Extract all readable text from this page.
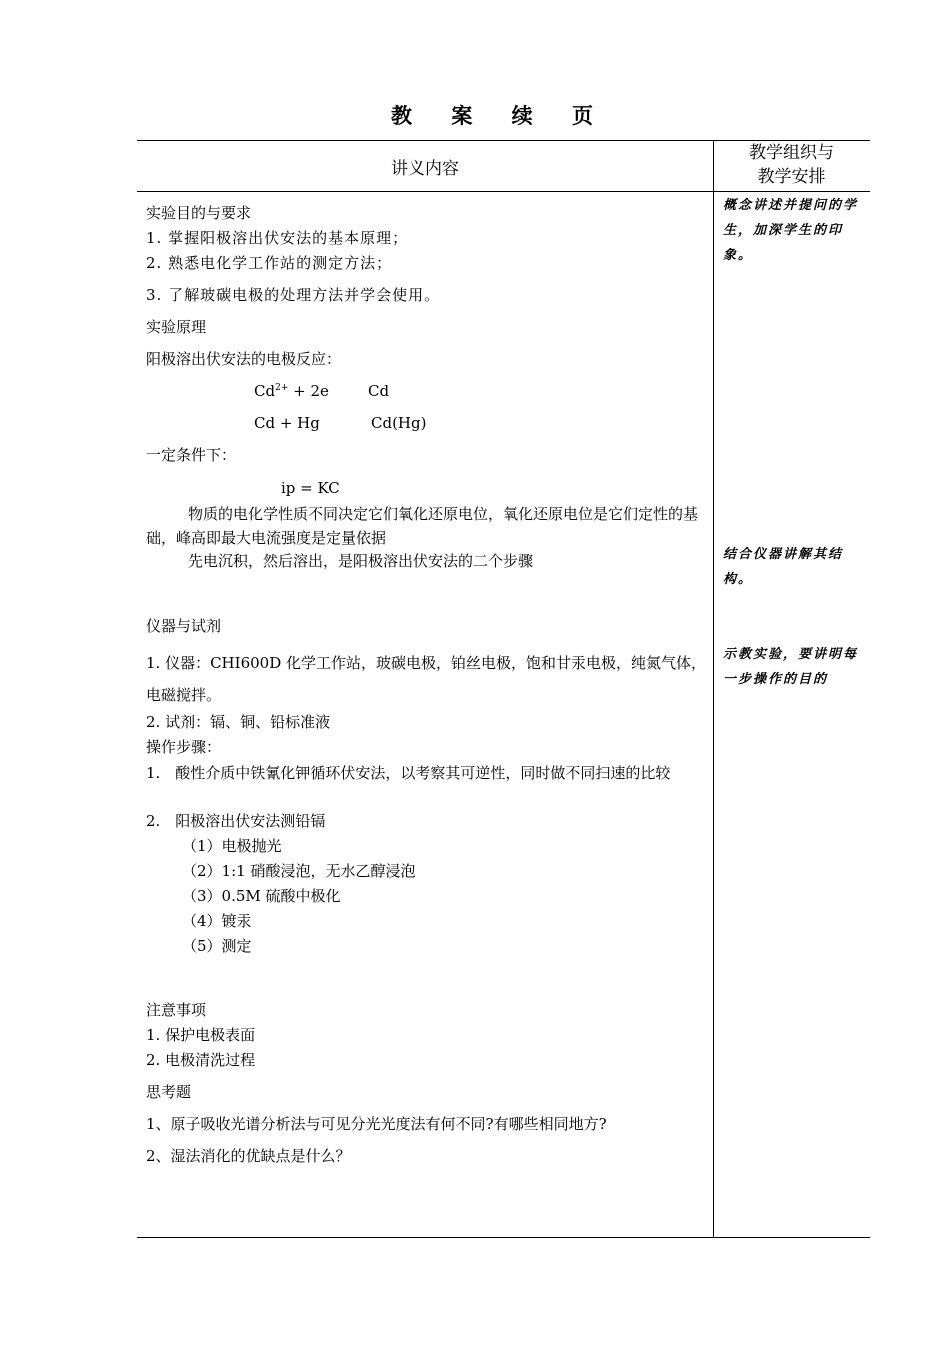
教 案 续 页
讲义内容
教学组织与
教学安排
实验目的与要求
1. 掌握阳极溶出伏安法的基本原理；
2. 熟悉电化学工作站的测定方法；
3. 了解玻碳电极的处理方法并学会使用。
实验原理
阳极溶出伏安法的电极反应：
$Cd^{2+} + 2e$	Cd
Cd + Hg	Cd(Hg)
一定条件下：
ip = KC
物质的电化学性质不同决定它们氧化还原电位，氧化还原电位是它们定性的基础，峰高即最大电流强度是定量依据
先电沉积，然后溶出，是阳极溶出伏安法的二个步骤
仪器与试剂
1. 仪器：CHI600D 化学工作站，玻碳电极，铂丝电极，饱和甘汞电极，纯氮气体，电磁搅拌。
2. 试剂：镉、铜、铅标准液
操作步骤：
1.　酸性介质中铁氰化钾循环伏安法，以考察其可逆性，同时做不同扫速的比较
2.　阳极溶出伏安法测铅镉
（1）电极抛光
（2）1:1 硝酸浸泡，无水乙醇浸泡
（3）0.5M 硫酸中极化
（4）镀汞
（5）测定
注意事项
1. 保护电极表面
2. 电极清洗过程
思考题
1、原子吸收光谱分析法与可见分光光度法有何不同?有哪些相同地方?
2、湿法消化的优缺点是什么？
概念讲述并提问的学生，加深学生的印象。
结合仪器讲解其结构。
示教实验，要讲明每一步操作的目的
